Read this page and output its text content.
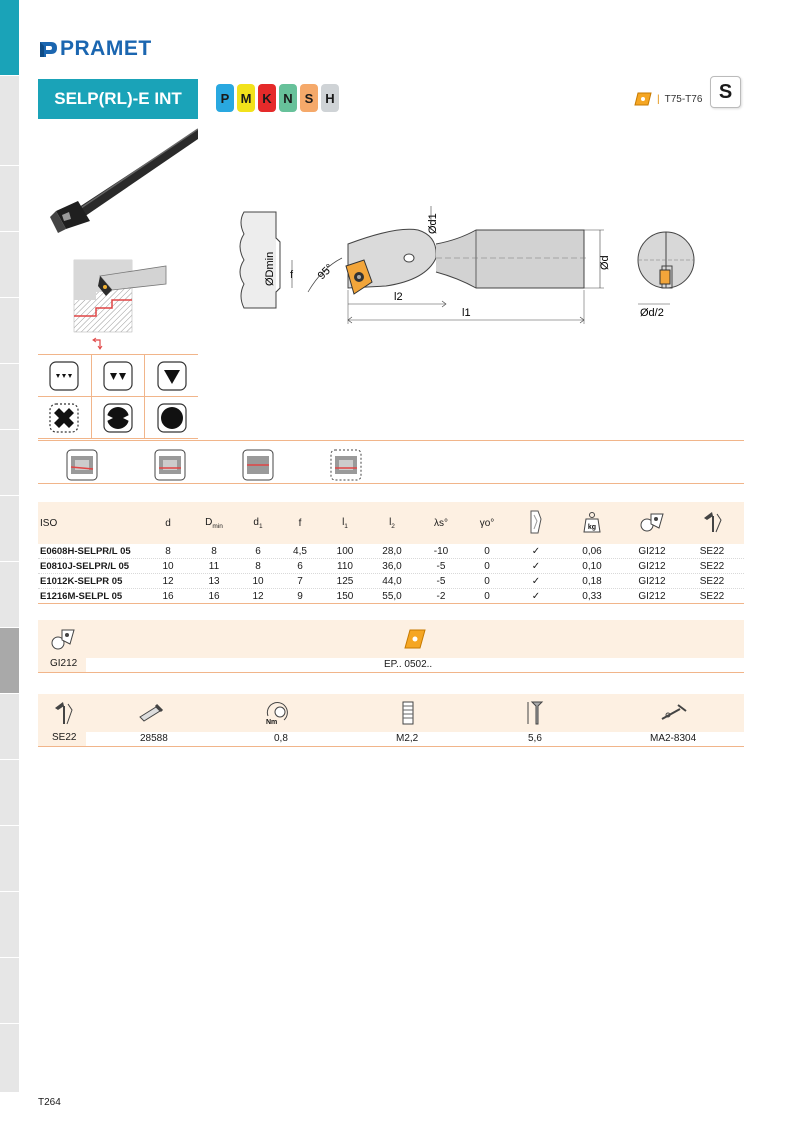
PRAMET
SELP(RL)-E INT	P M K N S H	| T75-T76 S
ØDmin f 95°
Ød1
Ød
l2
l1	Ød/2
ISO	d	$D_{min}$	$d_1$	f	$l_1$	$l_2$	λs°	γo°	kg
E0608H-SELPR/L 05	8	8	6	4,5	100	28,0	-10	0	✓	0,06	GI212	SE22
E0810J-SELPR/L 05	10	11	8	6	110	36,0	-5	0	✓	0,10	GI212	SE22
E1012K-SELPR 05	12	13	10	7	125	44,0	-5	0	✓	0,18	GI212	SE22
E1216M-SELPL 05	16	16	12	9	150	55,0	-2	0	✓	0,33	GI212	SE22
GI212	EP.. 0502..
Nm
SE22	28588	0,8	M2,2	5,6	MA2-8304
T264
